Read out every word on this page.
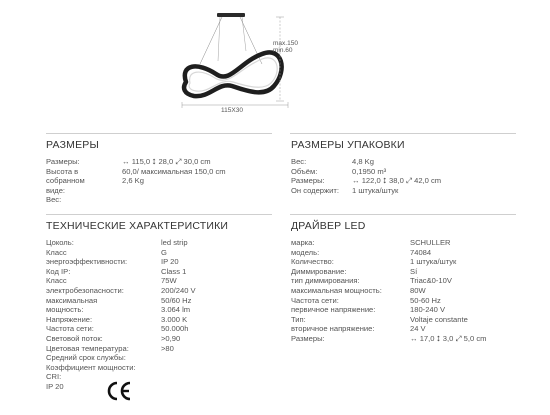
max.150
min.60
115X30
РАЗМЕРЫ
Размеры:	↔ 115,0 ⭥ 28,0 ⤢ 30,0 cm
Высота в	60,0/ максимальная 150,0 cm
собранном	2,6 Kg
виде:
Вес:
РАЗМЕРЫ УПАКОВКИ
Вес:	4,8 Kg
Объём:	0,1950 m³
Размеры:	↔ 122,0 ⭥ 38,0 ⤢ 42,0 cm
Он содержит: 1 штука/штук
ТЕХНИЧЕСКИЕ ХАРАКТЕРИСТИКИ
Цоколь:	led strip
Класс	G
энергоэффективности:	IP 20
Код IP:	Class 1
Класс	75W
электробезопасности:	200/240 V
максимальная	50/60 Hz
мощность:	3.064 lm
Напряжение:	3.000 K
Частота сети:	50.000h
Световой поток:	>0,90
Цветовая температура:	>80
Средний срок службы:
Коэффициент мощности:
CRI:
IP 20
ДРАЙВЕР LED
марка:	SCHULLER
модель:	74084
Количество:	1 штука/штук
Диммирование:	Sí
тип диммирования:	Triac&0-10V
максимальная мощность:	80W
Частота сети:	50-60 Hz
первичное напряжение:	180-240 V
Тип:	Voltaje constante
вторичное напряжение:	24 V
Размеры:	↔ 17,0 ⭥ 3,0 ⤢ 5,0 cm
